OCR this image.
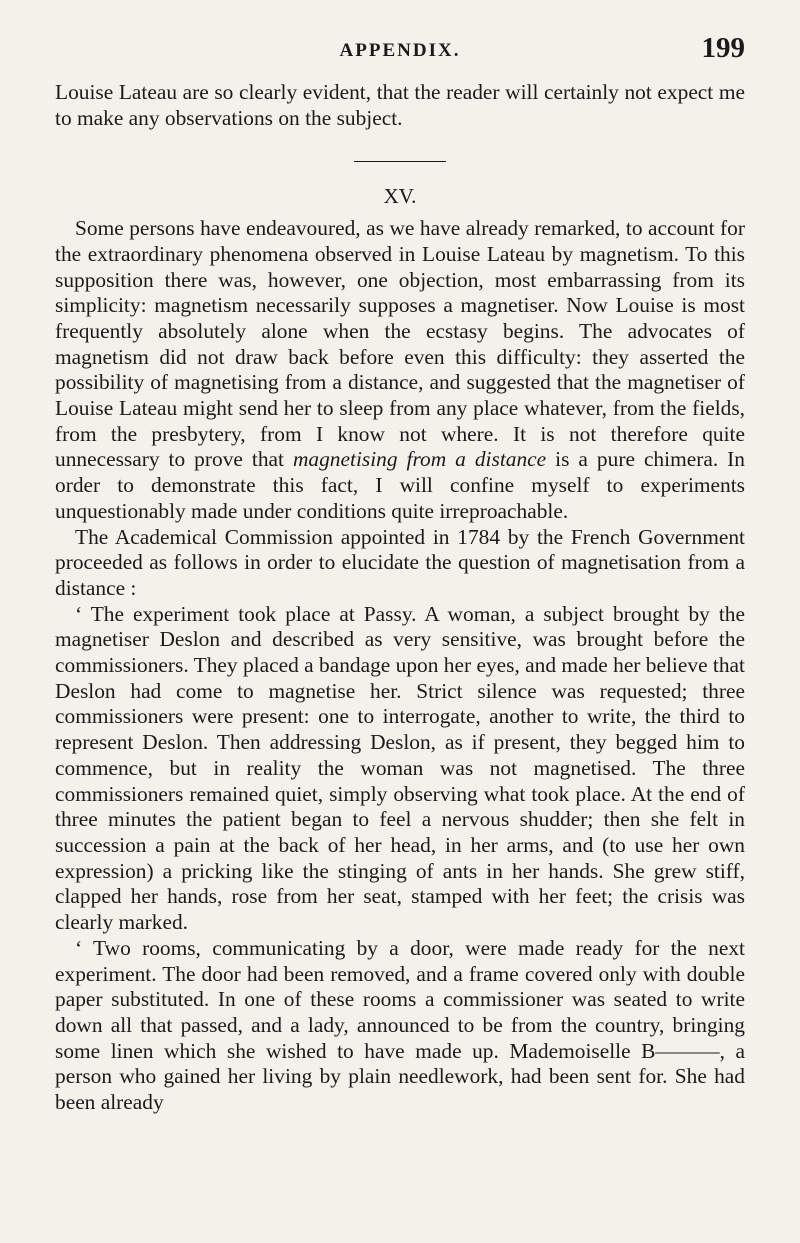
APPENDIX.	199

Louise Lateau are so clearly evident, that the reader will certainly not expect me to make any observations on the subject.

XV.

Some persons have endeavoured, as we have already remarked, to account for the extraordinary phenomena observed in Louise Lateau by magnetism. To this supposition there was, however, one objection, most embarrassing from its simplicity: magnetism necessarily supposes a magnetiser. Now Louise is most frequently absolutely alone when the ecstasy begins. The advocates of magnetism did not draw back before even this difficulty: they asserted the possibility of magnetising from a distance, and suggested that the magnetiser of Louise Lateau might send her to sleep from any place whatever, from the fields, from the presbytery, from I know not where. It is not therefore quite unnecessary to prove that magnetising from a distance is a pure chimera. In order to demonstrate this fact, I will confine myself to experiments unquestionably made under conditions quite irreproachable.

The Academical Commission appointed in 1784 by the French Government proceeded as follows in order to elucidate the question of magnetisation from a distance :

‘ The experiment took place at Passy. A woman, a subject brought by the magnetiser Deslon and described as very sensitive, was brought before the commissioners. They placed a bandage upon her eyes, and made her believe that Deslon had come to magnetise her. Strict silence was requested; three commissioners were present: one to interrogate, another to write, the third to represent Deslon. Then addressing Deslon, as if present, they begged him to commence, but in reality the woman was not magnetised. The three commissioners remained quiet, simply observing what took place. At the end of three minutes the patient began to feel a nervous shudder; then she felt in succession a pain at the back of her head, in her arms, and (to use her own expression) a pricking like the stinging of ants in her hands. She grew stiff, clapped her hands, rose from her seat, stamped with her feet; the crisis was clearly marked.

‘ Two rooms, communicating by a door, were made ready for the next experiment. The door had been removed, and a frame covered only with double paper substituted. In one of these rooms a commissioner was seated to write down all that passed, and a lady, announced to be from the country, bringing some linen which she wished to have made up. Mademoiselle B———, a person who gained her living by plain needlework, had been sent for. She had been already
